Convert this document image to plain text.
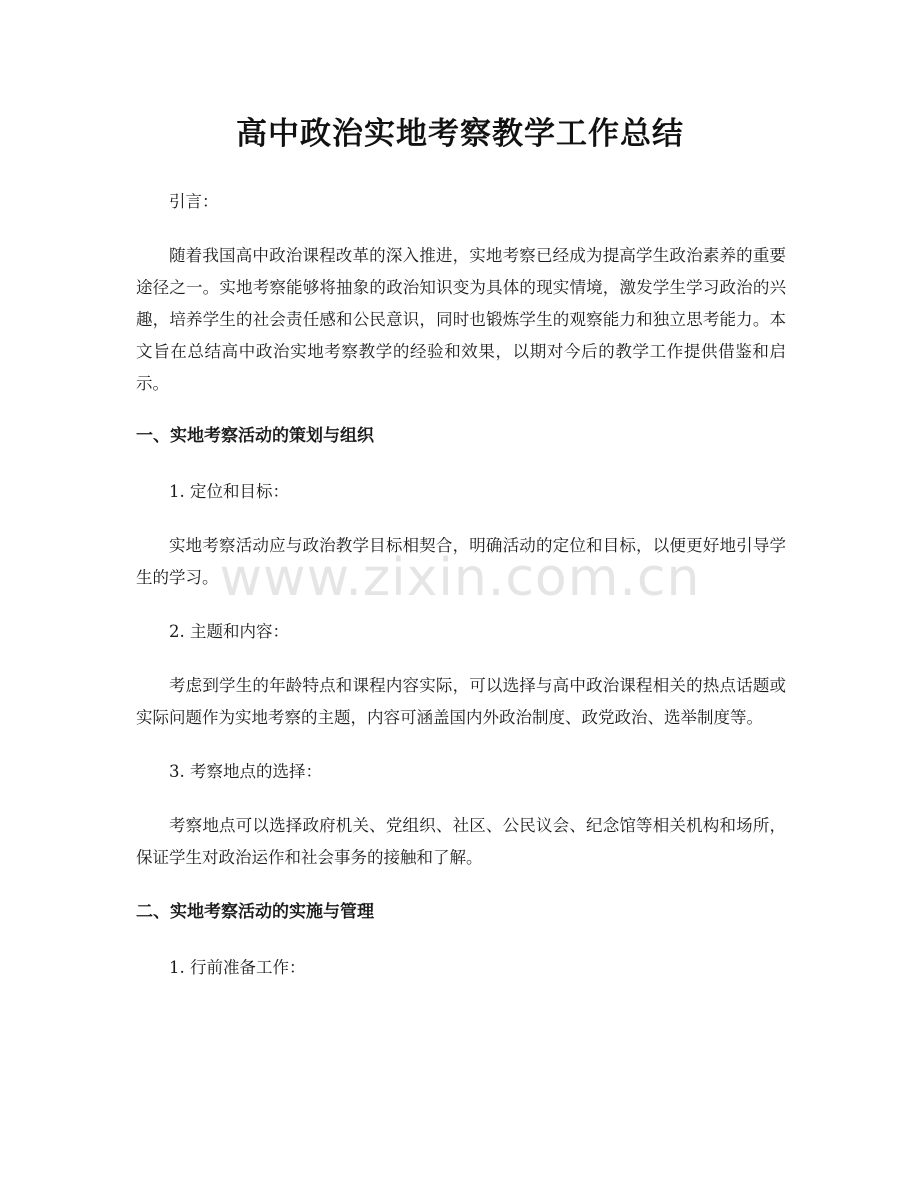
高中政治实地考察教学工作总结

引言：

随着我国高中政治课程改革的深入推进，实地考察已经成为提高学生政治素养的重要途径之一。实地考察能够将抽象的政治知识变为具体的现实情境，激发学生学习政治的兴趣，培养学生的社会责任感和公民意识，同时也锻炼学生的观察能力和独立思考能力。本文旨在总结高中政治实地考察教学的经验和效果，以期对今后的教学工作提供借鉴和启示。

一、实地考察活动的策划与组织

1. 定位和目标：

实地考察活动应与政治教学目标相契合，明确活动的定位和目标，以便更好地引导学生的学习。

2. 主题和内容：

考虑到学生的年龄特点和课程内容实际，可以选择与高中政治课程相关的热点话题或实际问题作为实地考察的主题，内容可涵盖国内外政治制度、政党政治、选举制度等。

3. 考察地点的选择：

考察地点可以选择政府机关、党组织、社区、公民议会、纪念馆等相关机构和场所，保证学生对政治运作和社会事务的接触和了解。

二、实地考察活动的实施与管理

1. 行前准备工作：

www.zixin.com.cn
